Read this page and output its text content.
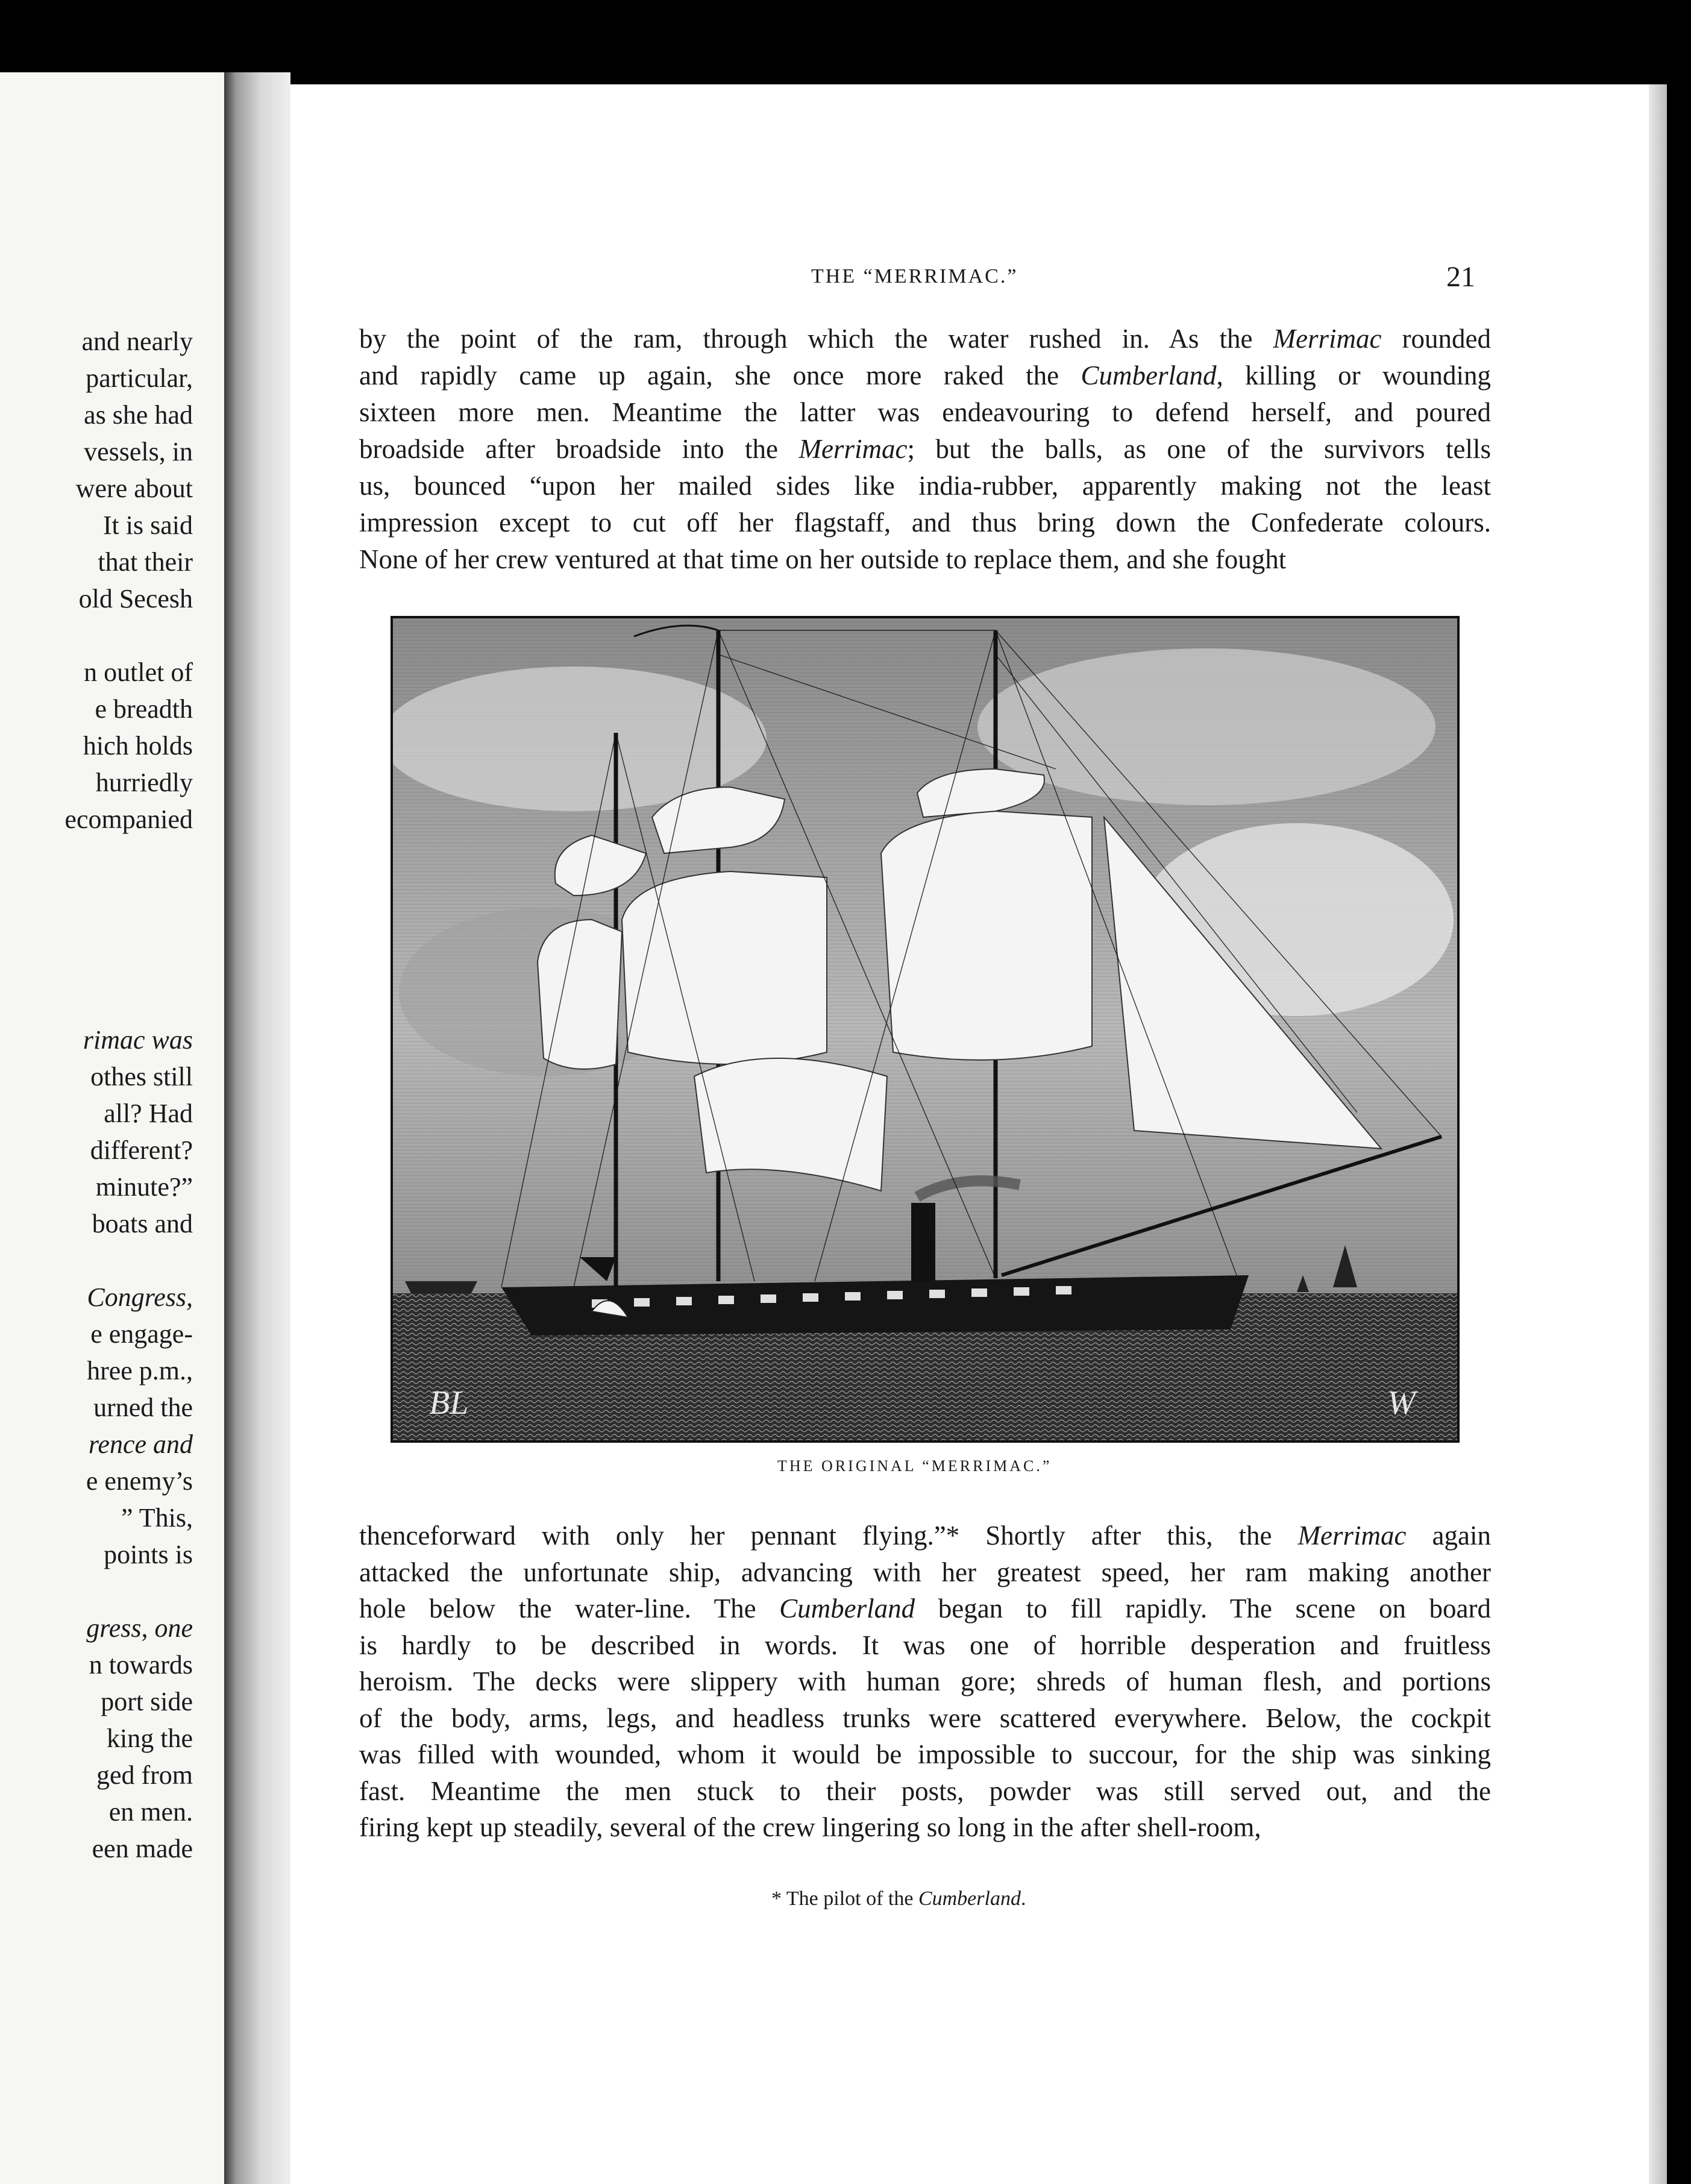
and nearly
particular,
as she had
vessels, in
were about
It is said
that their
old Secesh
n outlet of
e breadth
hich holds
hurriedly
ecompanied
rimac was
othes still
all? Had
different?
minute?”
boats and
Congress,
e engage-
hree p.m.,
urned the
rence and
e enemy’s
” This,
points is
gress, one
n towards
port side
king the
ged from
en men.
een made
THE “MERRIMAC.”	21
by the point of the ram, through which the water rushed in. As the Merrimac rounded
and rapidly came up again, she once more raked the Cumberland, killing or wounding
sixteen more men. Meantime the latter was endeavouring to defend herself, and poured
broadside after broadside into the Merrimac; but the balls, as one of the survivors tells
us, bounced “upon her mailed sides like india-rubber, apparently making not the least
impression except to cut off her flagstaff, and thus bring down the Confederate colours.
None of her crew ventured at that time on her outside to replace them, and she fought
BL	W
THE ORIGINAL “MERRIMAC.”
thenceforward with only her pennant flying.”* Shortly after this, the Merrimac again
attacked the unfortunate ship, advancing with her greatest speed, her ram making another
hole below the water-line. The Cumberland began to fill rapidly. The scene on board
is hardly to be described in words. It was one of horrible desperation and fruitless
heroism. The decks were slippery with human gore; shreds of human flesh, and portions
of the body, arms, legs, and headless trunks were scattered everywhere. Below, the cockpit
was filled with wounded, whom it would be impossible to succour, for the ship was sinking
fast. Meantime the men stuck to their posts, powder was still served out, and the
firing kept up steadily, several of the crew lingering so long in the after shell-room,
* The pilot of the Cumberland.
